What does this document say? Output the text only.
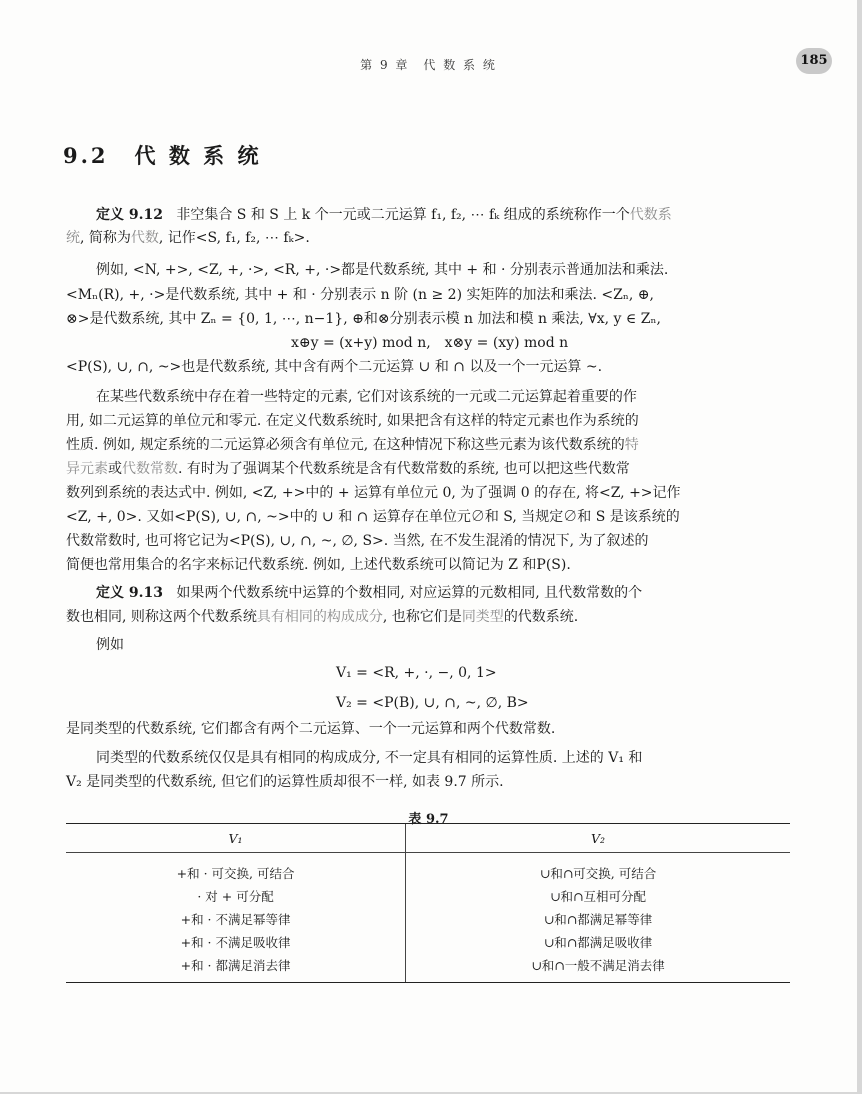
第 9 章　代 数 系 统	185
9.2 代 数 系 统
定义 9.12 非空集合 S 和 S 上 k 个一元或二元运算 f₁, f₂, ⋯ fₖ 组成的系统称作一个代数系
统, 简称为代数, 记作<S, f₁, f₂, ⋯ fₖ>.
例如, <N, +>, <Z, +, ·>, <R, +, ·>都是代数系统, 其中 + 和 · 分别表示普通加法和乘法.
<Mₙ(R), +, ·>是代数系统, 其中 + 和 · 分别表示 n 阶 (n ≥ 2) 实矩阵的加法和乘法. <Zₙ, ⊕,
⊗>是代数系统, 其中 Zₙ = {0, 1, ⋯, n−1}, ⊕和⊗分别表示模 n 加法和模 n 乘法, ∀x, y ∈ Zₙ,
x⊕y = (x+y) mod n,　x⊗y = (xy) mod n
<P(S), ∪, ∩, ~>也是代数系统, 其中含有两个二元运算 ∪ 和 ∩ 以及一个一元运算 ~.
在某些代数系统中存在着一些特定的元素, 它们对该系统的一元或二元运算起着重要的作
用, 如二元运算的单位元和零元. 在定义代数系统时, 如果把含有这样的特定元素也作为系统的
性质. 例如, 规定系统的二元运算必须含有单位元, 在这种情况下称这些元素为该代数系统的特
异元素或代数常数. 有时为了强调某个代数系统是含有代数常数的系统, 也可以把这些代数常
数列到系统的表达式中. 例如, <Z, +>中的 + 运算有单位元 0, 为了强调 0 的存在, 将<Z, +>记作
<Z, +, 0>. 又如<P(S), ∪, ∩, ~>中的 ∪ 和 ∩ 运算存在单位元∅和 S, 当规定∅和 S 是该系统的
代数常数时, 也可将它记为<P(S), ∪, ∩, ~, ∅, S>. 当然, 在不发生混淆的情况下, 为了叙述的
简便也常用集合的名字来标记代数系统. 例如, 上述代数系统可以简记为 Z 和P(S).
定义 9.13 如果两个代数系统中运算的个数相同, 对应运算的元数相同, 且代数常数的个
数也相同, 则称这两个代数系统具有相同的构成成分, 也称它们是同类型的代数系统.
例如
V₁ = <R, +, ·, −, 0, 1>
V₂ = <P(B), ∪, ∩, ~, ∅, B>
是同类型的代数系统, 它们都含有两个二元运算、一个一元运算和两个代数常数.
同类型的代数系统仅仅是具有相同的构成成分, 不一定具有相同的运算性质. 上述的 V₁ 和
V₂ 是同类型的代数系统, 但它们的运算性质却很不一样, 如表 9.7 所示.
表 9.7
V₁	V₂
+和 · 可交换, 可结合	∪和∩可交换, 可结合
· 对 + 可分配	∪和∩互相可分配
+和 · 不满足幂等律	∪和∩都满足幂等律
+和 · 不满足吸收律	∪和∩都满足吸收律
+和 · 都满足消去律	∪和∩一般不满足消去律
